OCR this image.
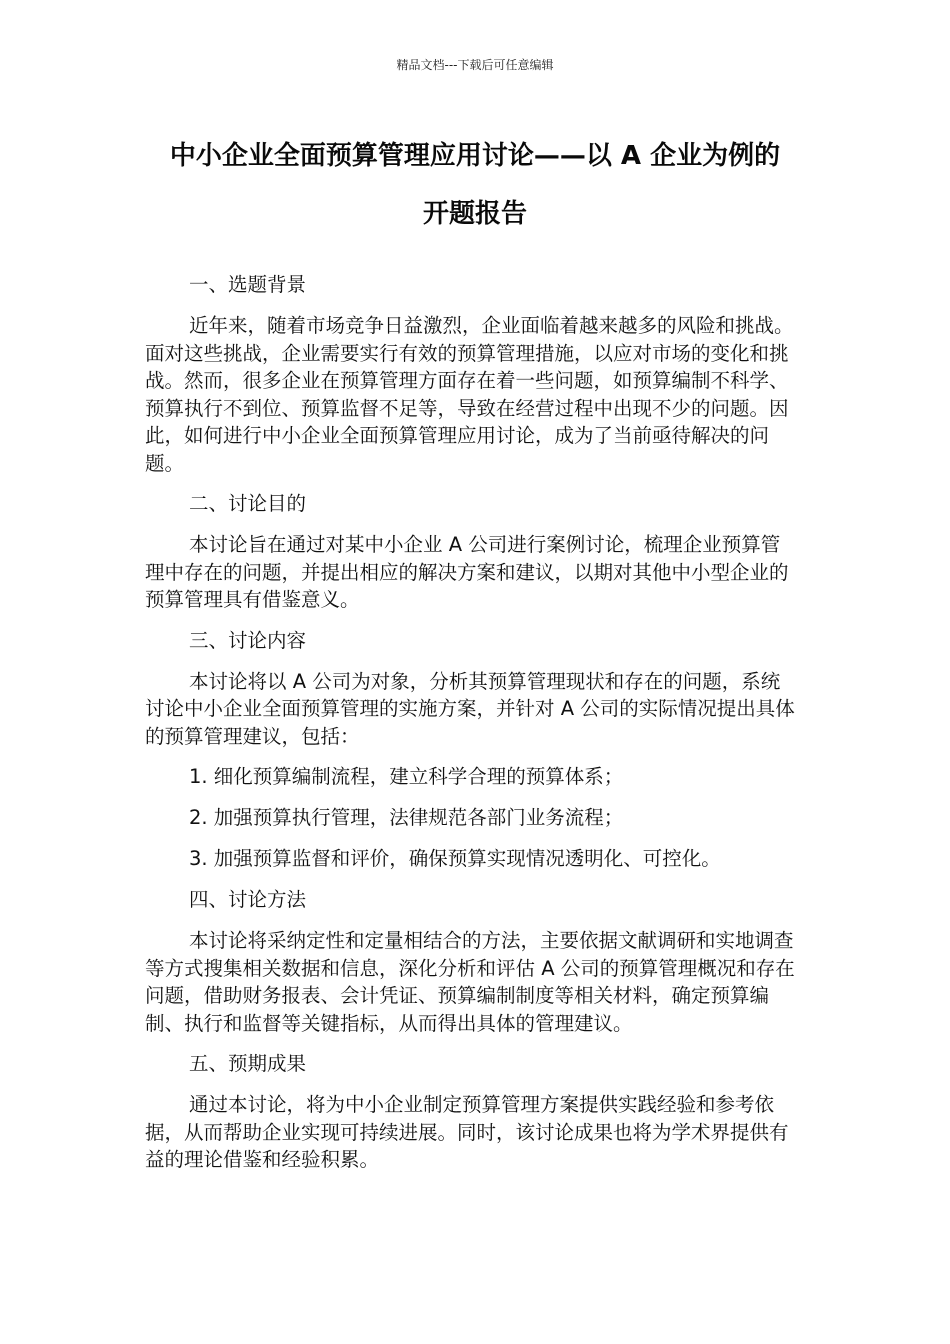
精品文档---下载后可任意编辑
中小企业全面预算管理应用讨论——以 A 企业为例的
开题报告

一、选题背景

近年来，随着市场竞争日益激烈，企业面临着越来越多的风险和挑战。面对这些挑战，企业需要实行有效的预算管理措施，以应对市场的变化和挑战。然而，很多企业在预算管理方面存在着一些问题，如预算编制不科学、预算执行不到位、预算监督不足等，导致在经营过程中出现不少的问题。因此，如何进行中小企业全面预算管理应用讨论，成为了当前亟待解决的问题。

二、讨论目的

本讨论旨在通过对某中小企业 A 公司进行案例讨论，梳理企业预算管理中存在的问题，并提出相应的解决方案和建议，以期对其他中小型企业的预算管理具有借鉴意义。

三、讨论内容

本讨论将以 A 公司为对象，分析其预算管理现状和存在的问题，系统讨论中小企业全面预算管理的实施方案，并针对 A 公司的实际情况提出具体的预算管理建议，包括：

1. 细化预算编制流程，建立科学合理的预算体系；

2. 加强预算执行管理，法律规范各部门业务流程；

3. 加强预算监督和评价，确保预算实现情况透明化、可控化。

四、讨论方法

本讨论将采纳定性和定量相结合的方法，主要依据文献调研和实地调查等方式搜集相关数据和信息，深化分析和评估 A 公司的预算管理概况和存在问题，借助财务报表、会计凭证、预算编制制度等相关材料，确定预算编制、执行和监督等关键指标，从而得出具体的管理建议。

五、预期成果

通过本讨论，将为中小企业制定预算管理方案提供实践经验和参考依据，从而帮助企业实现可持续进展。同时，该讨论成果也将为学术界提供有益的理论借鉴和经验积累。
